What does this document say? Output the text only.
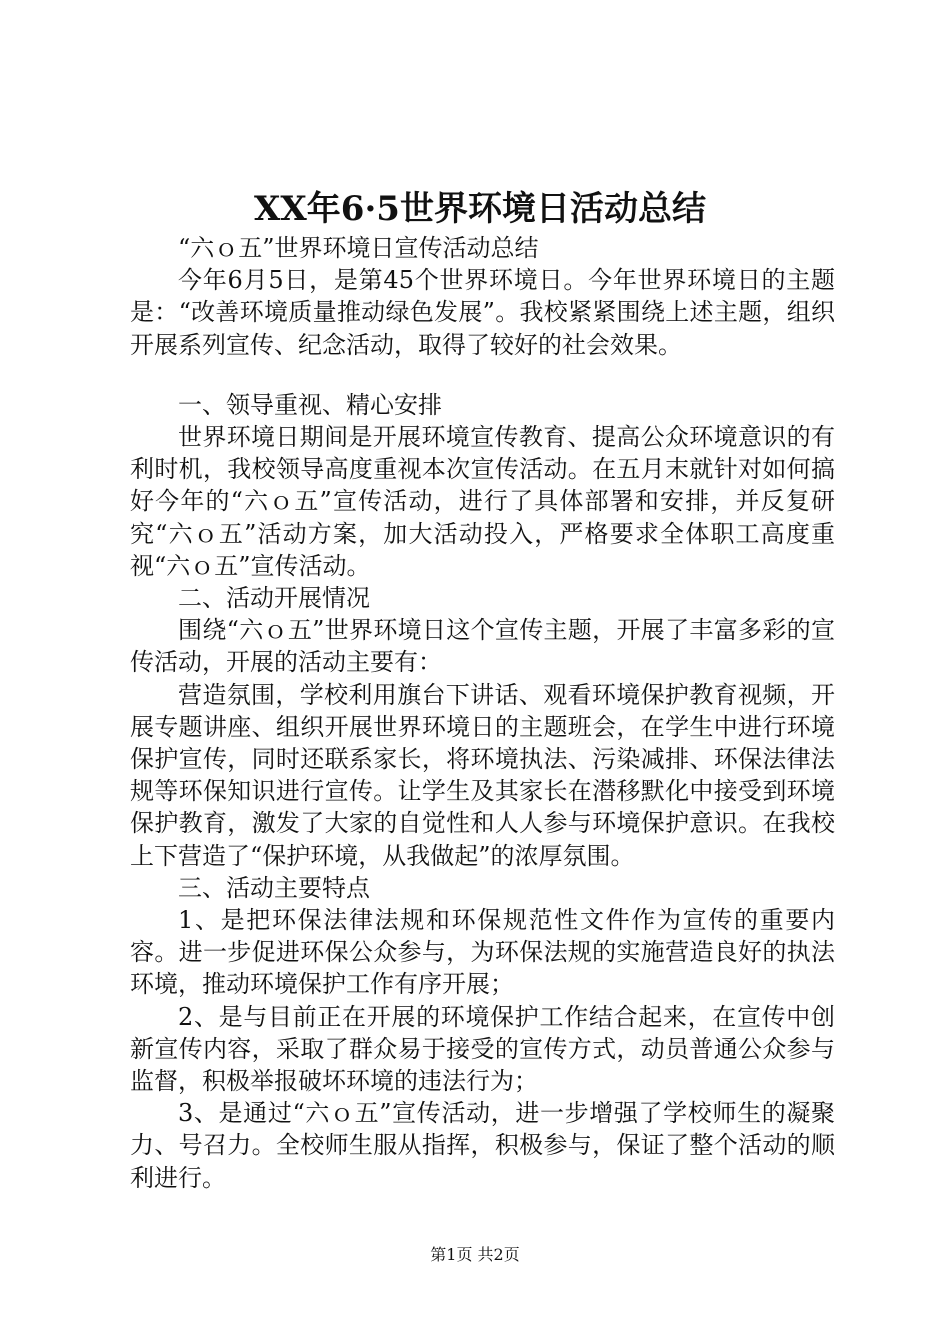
XX年6·5世界环境日活动总结

“六ｏ五”世界环境日宣传活动总结

今年6月5日，是第45个世界环境日。今年世界环境日的主题是：“改善环境质量推动绿色发展”。我校紧紧围绕上述主题，组织开展系列宣传、纪念活动，取得了较好的社会效果。

一、领导重视、精心安排

世界环境日期间是开展环境宣传教育、提高公众环境意识的有利时机，我校领导高度重视本次宣传活动。在五月末就针对如何搞好今年的“六ｏ五”宣传活动，进行了具体部署和安排，并反复研究“六ｏ五”活动方案，加大活动投入，严格要求全体职工高度重视“六ｏ五”宣传活动。

二、活动开展情况

围绕“六ｏ五”世界环境日这个宣传主题，开展了丰富多彩的宣传活动，开展的活动主要有：

营造氛围，学校利用旗台下讲话、观看环境保护教育视频，开展专题讲座、组织开展世界环境日的主题班会，在学生中进行环境保护宣传，同时还联系家长，将环境执法、污染减排、环保法律法规等环保知识进行宣传。让学生及其家长在潜移默化中接受到环境保护教育，激发了大家的自觉性和人人参与环境保护意识。在我校上下营造了“保护环境，从我做起”的浓厚氛围。

三、活动主要特点

1、是把环保法律法规和环保规范性文件作为宣传的重要内容。进一步促进环保公众参与，为环保法规的实施营造良好的执法环境，推动环境保护工作有序开展；

2、是与目前正在开展的环境保护工作结合起来，在宣传中创新宣传内容，采取了群众易于接受的宣传方式，动员普通公众参与监督，积极举报破坏环境的违法行为；

3、是通过“六ｏ五”宣传活动，进一步增强了学校师生的凝聚力、号召力。全校师生服从指挥，积极参与，保证了整个活动的顺利进行。

第1页 共2页
